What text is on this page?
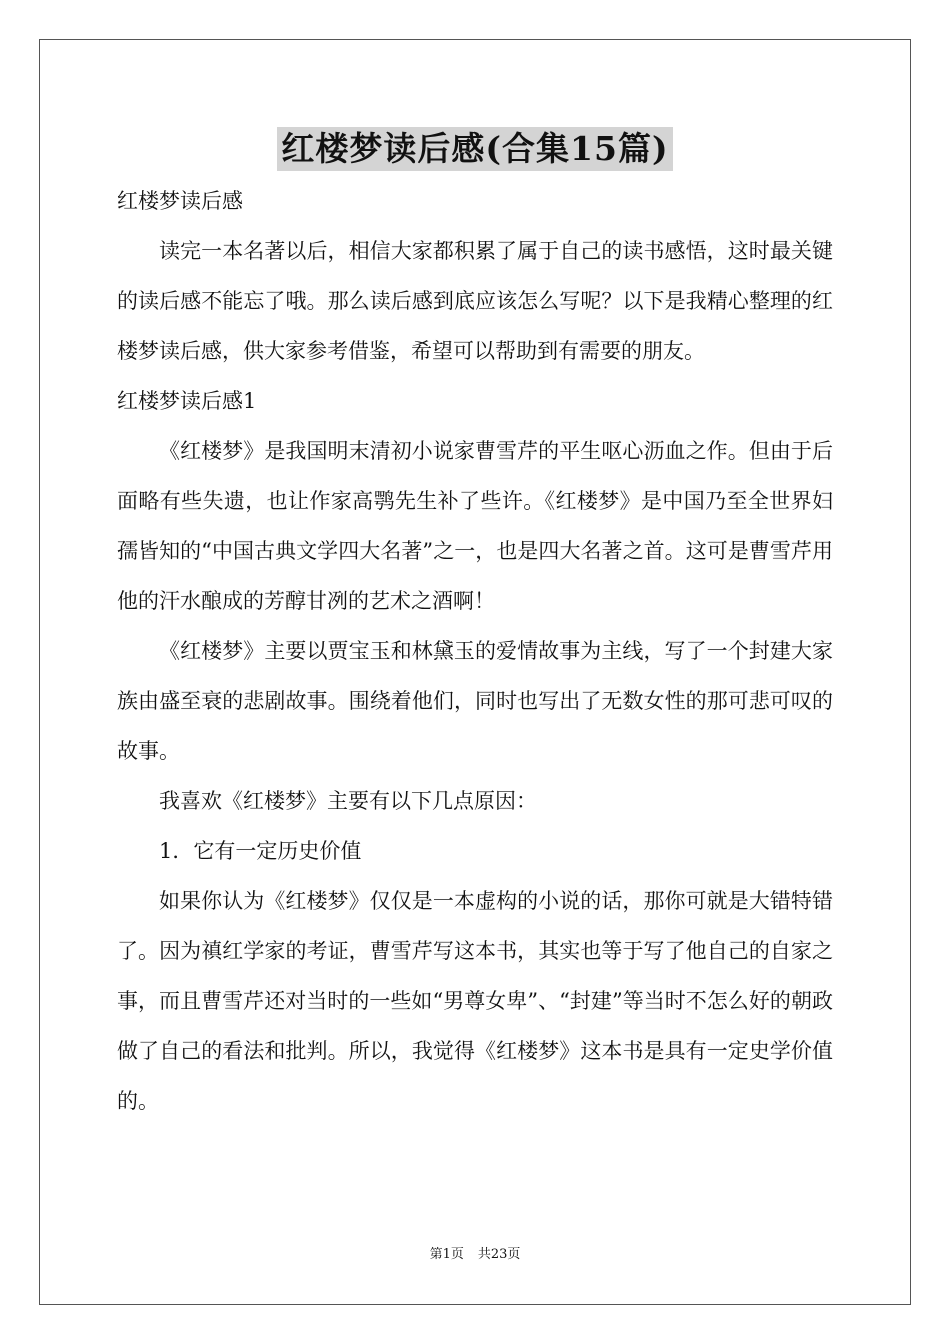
红楼梦读后感(合集15篇)
红楼梦读后感

读完一本名著以后，相信大家都积累了属于自己的读书感悟，这时最关键的读后感不能忘了哦。那么读后感到底应该怎么写呢？以下是我精心整理的红楼梦读后感，供大家参考借鉴，希望可以帮助到有需要的朋友。

红楼梦读后感1

《红楼梦》是我国明末清初小说家曹雪芹的平生呕心沥血之作。但由于后面略有些失遗，也让作家高鹗先生补了些许。《红楼梦》是中国乃至全世界妇孺皆知的“中国古典文学四大名著”之一，也是四大名著之首。这可是曹雪芹用他的汗水酿成的芳醇甘冽的艺术之酒啊！

《红楼梦》主要以贾宝玉和林黛玉的爱情故事为主线，写了一个封建大家族由盛至衰的悲剧故事。围绕着他们，同时也写出了无数女性的那可悲可叹的故事。

我喜欢《红楼梦》主要有以下几点原因：

1．它有一定历史价值

如果你认为《红楼梦》仅仅是一本虚构的小说的话，那你可就是大错特错了。因为禛红学家的考证，曹雪芹写这本书，其实也等于写了他自己的自家之事，而且曹雪芹还对当时的一些如“男尊女卑”、“封建”等当时不怎么好的朝政做了自己的看法和批判。所以，我觉得《红楼梦》这本书是具有一定史学价值的。

第1页 共23页
